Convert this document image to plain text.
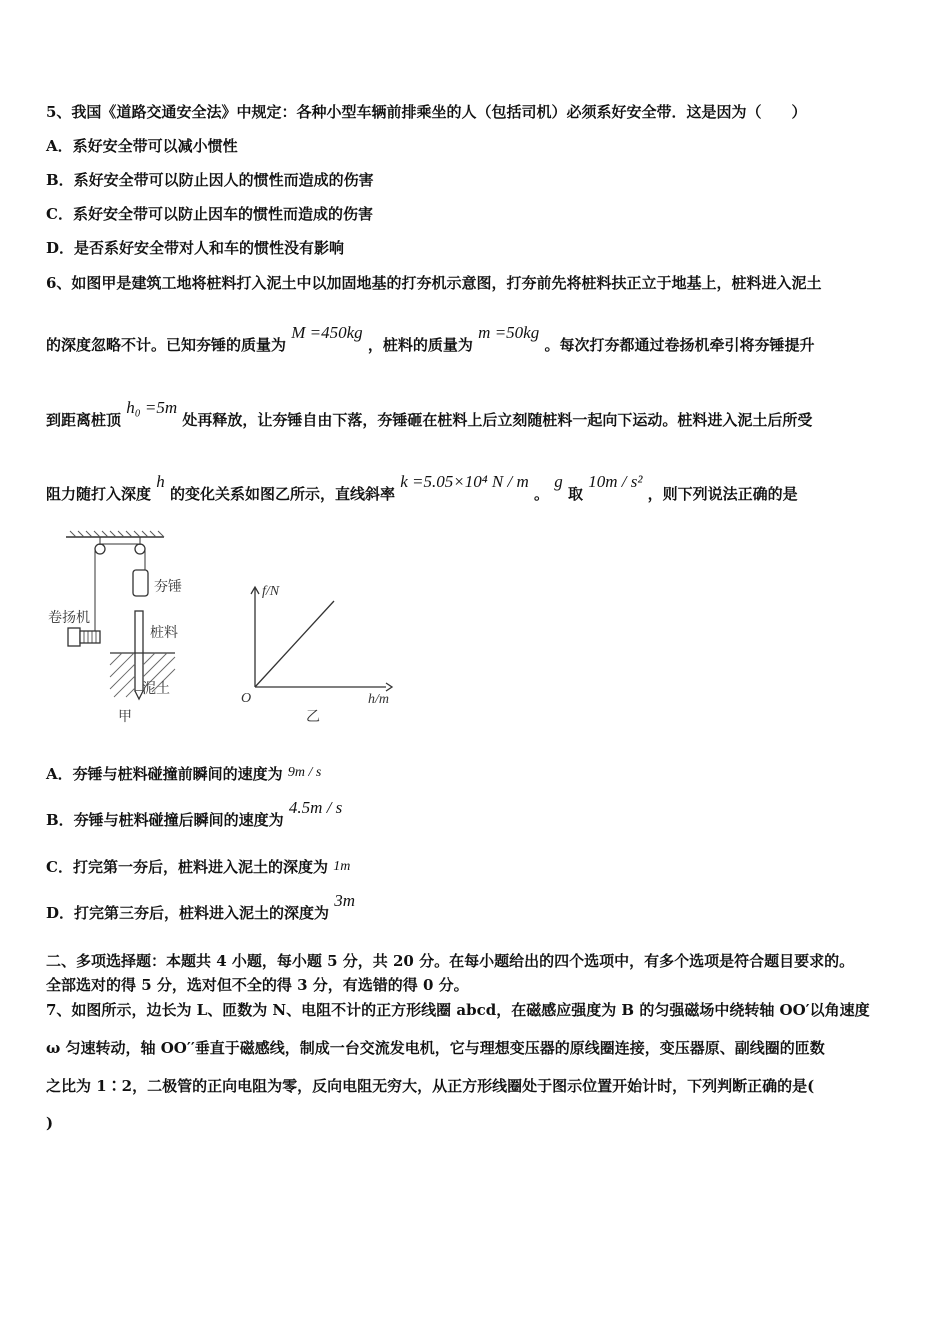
5、我国《道路交通安全法》中规定：各种小型车辆前排乘坐的人（包括司机）必须系好安全带．这是因为（　　）
A．系好安全带可以减小惯性
B．系好安全带可以防止因人的惯性而造成的伤害
C．系好安全带可以防止因车的惯性而造成的伤害
D．是否系好安全带对人和车的惯性没有影响
6、如图甲是建筑工地将桩料打入泥土中以加固地基的打夯机示意图，打夯前先将桩料扶正立于地基上，桩料进入泥土
的深度忽略不计。已知夯锤的质量为 M =450kg ，桩料的质量为 m =50kg 。每次打夯都通过卷扬机牵引将夯锤提升
到距离桩顶 h₀ =5m 处再释放，让夯锤自由下落，夯锤砸在桩料上后立刻随桩料一起向下运动。桩料进入泥土后所受
阻力随打入深度 h 的变化关系如图乙所示，直线斜率 k =5.05×10⁴ N / m 。 g 取 10m / s² ，则下列说法正确的是
夯锤
卷扬机
桩料
泥土
甲
f/N
h/m
O
乙
A．夯锤与桩料碰撞前瞬间的速度为 9m / s
B．夯锤与桩料碰撞后瞬间的速度为 4.5m / s
C．打完第一夯后，桩料进入泥土的深度为 1m
D．打完第三夯后，桩料进入泥土的深度为 3m
二、多项选择题：本题共 4 小题，每小题 5 分，共 20 分。在每小题给出的四个选项中，有多个选项是符合题目要求的。
全部选对的得 5 分，选对但不全的得 3 分，有选错的得 0 分。
7、如图所示，边长为 L、匝数为 N、电阻不计的正方形线圈 abcd，在磁感应强度为 B 的匀强磁场中绕转轴 OO′以角速度
ω 匀速转动，轴 OO′′垂直于磁感线，制成一台交流发电机，它与理想变压器的原线圈连接，变压器原、副线圈的匝数
之比为 1∶2，二极管的正向电阻为零，反向电阻无穷大，从正方形线圈处于图示位置开始计时，下列判断正确的是(
)
